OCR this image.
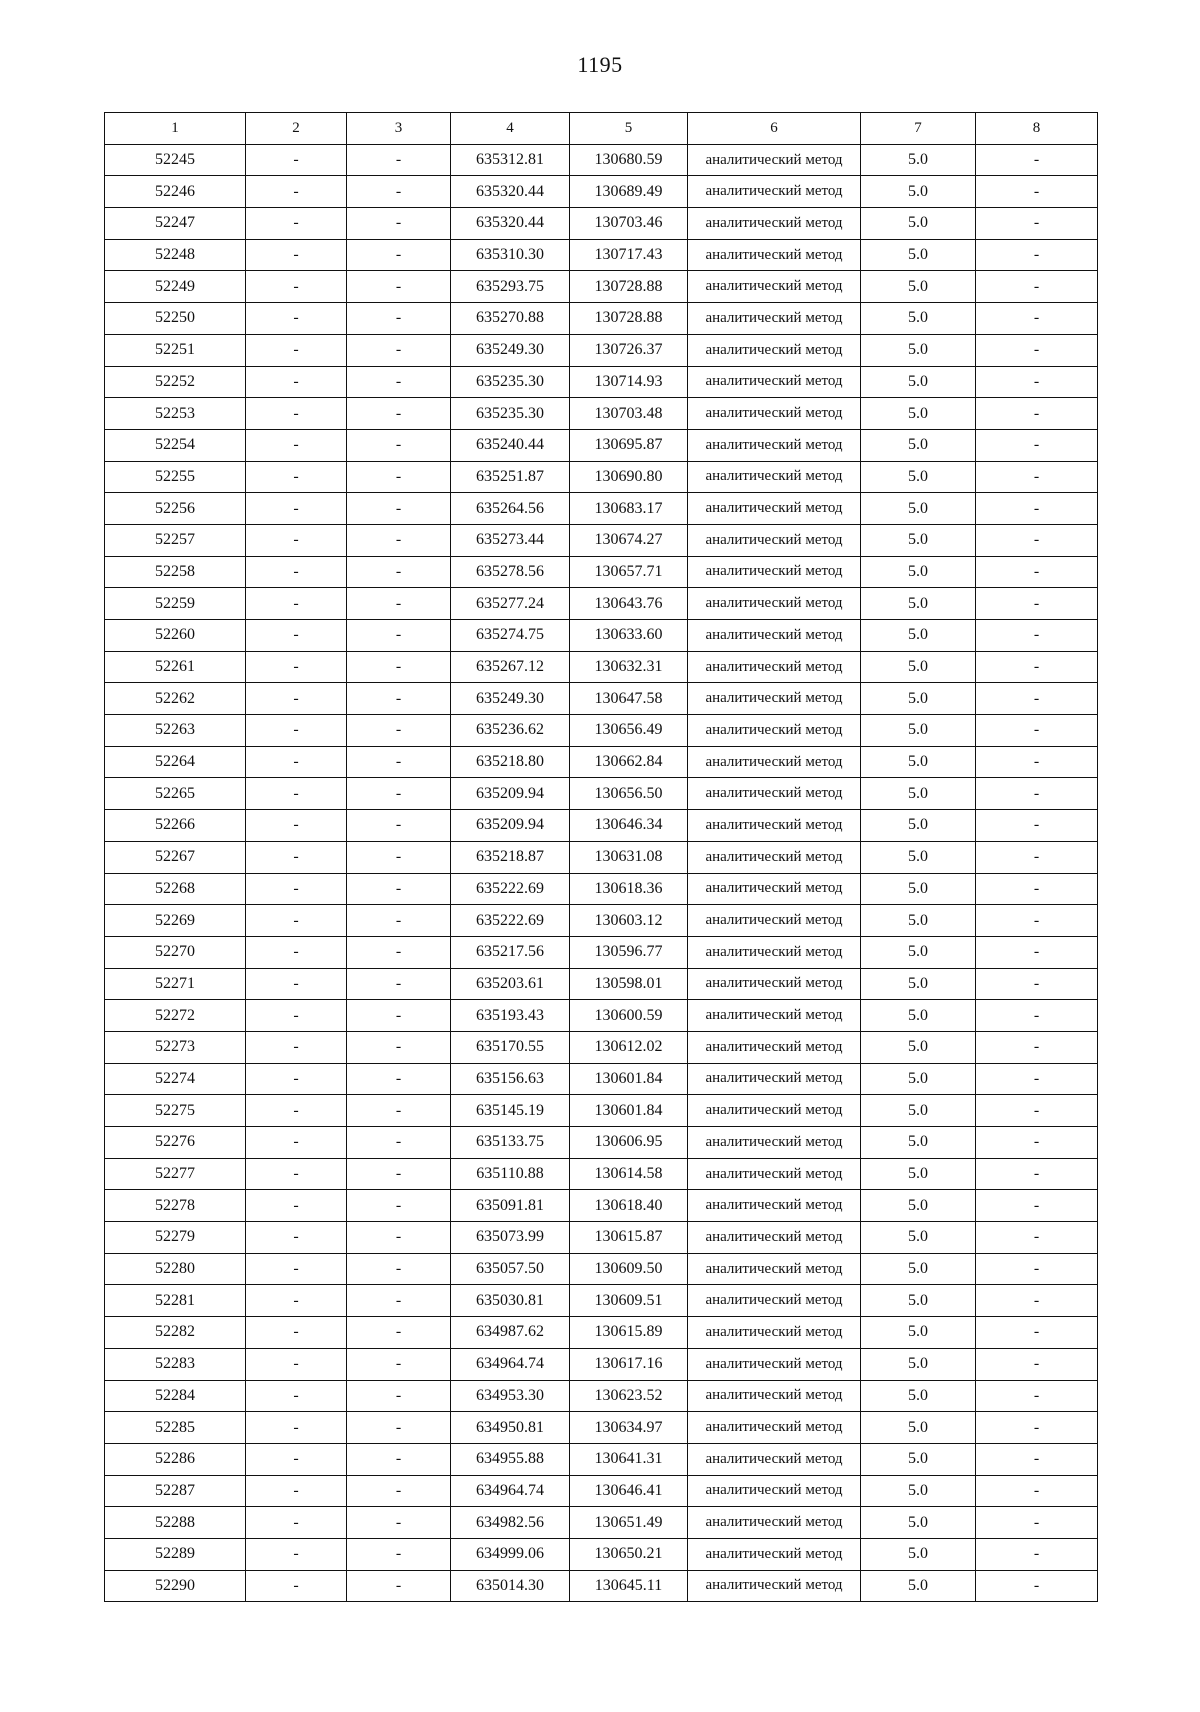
1195
1	2	3	4	5	6	7	8
52245	-	-	635312.81	130680.59	аналитический метод	5.0	-
52246	-	-	635320.44	130689.49	аналитический метод	5.0	-
52247	-	-	635320.44	130703.46	аналитический метод	5.0	-
52248	-	-	635310.30	130717.43	аналитический метод	5.0	-
52249	-	-	635293.75	130728.88	аналитический метод	5.0	-
52250	-	-	635270.88	130728.88	аналитический метод	5.0	-
52251	-	-	635249.30	130726.37	аналитический метод	5.0	-
52252	-	-	635235.30	130714.93	аналитический метод	5.0	-
52253	-	-	635235.30	130703.48	аналитический метод	5.0	-
52254	-	-	635240.44	130695.87	аналитический метод	5.0	-
52255	-	-	635251.87	130690.80	аналитический метод	5.0	-
52256	-	-	635264.56	130683.17	аналитический метод	5.0	-
52257	-	-	635273.44	130674.27	аналитический метод	5.0	-
52258	-	-	635278.56	130657.71	аналитический метод	5.0	-
52259	-	-	635277.24	130643.76	аналитический метод	5.0	-
52260	-	-	635274.75	130633.60	аналитический метод	5.0	-
52261	-	-	635267.12	130632.31	аналитический метод	5.0	-
52262	-	-	635249.30	130647.58	аналитический метод	5.0	-
52263	-	-	635236.62	130656.49	аналитический метод	5.0	-
52264	-	-	635218.80	130662.84	аналитический метод	5.0	-
52265	-	-	635209.94	130656.50	аналитический метод	5.0	-
52266	-	-	635209.94	130646.34	аналитический метод	5.0	-
52267	-	-	635218.87	130631.08	аналитический метод	5.0	-
52268	-	-	635222.69	130618.36	аналитический метод	5.0	-
52269	-	-	635222.69	130603.12	аналитический метод	5.0	-
52270	-	-	635217.56	130596.77	аналитический метод	5.0	-
52271	-	-	635203.61	130598.01	аналитический метод	5.0	-
52272	-	-	635193.43	130600.59	аналитический метод	5.0	-
52273	-	-	635170.55	130612.02	аналитический метод	5.0	-
52274	-	-	635156.63	130601.84	аналитический метод	5.0	-
52275	-	-	635145.19	130601.84	аналитический метод	5.0	-
52276	-	-	635133.75	130606.95	аналитический метод	5.0	-
52277	-	-	635110.88	130614.58	аналитический метод	5.0	-
52278	-	-	635091.81	130618.40	аналитический метод	5.0	-
52279	-	-	635073.99	130615.87	аналитический метод	5.0	-
52280	-	-	635057.50	130609.50	аналитический метод	5.0	-
52281	-	-	635030.81	130609.51	аналитический метод	5.0	-
52282	-	-	634987.62	130615.89	аналитический метод	5.0	-
52283	-	-	634964.74	130617.16	аналитический метод	5.0	-
52284	-	-	634953.30	130623.52	аналитический метод	5.0	-
52285	-	-	634950.81	130634.97	аналитический метод	5.0	-
52286	-	-	634955.88	130641.31	аналитический метод	5.0	-
52287	-	-	634964.74	130646.41	аналитический метод	5.0	-
52288	-	-	634982.56	130651.49	аналитический метод	5.0	-
52289	-	-	634999.06	130650.21	аналитический метод	5.0	-
52290	-	-	635014.30	130645.11	аналитический метод	5.0	-
